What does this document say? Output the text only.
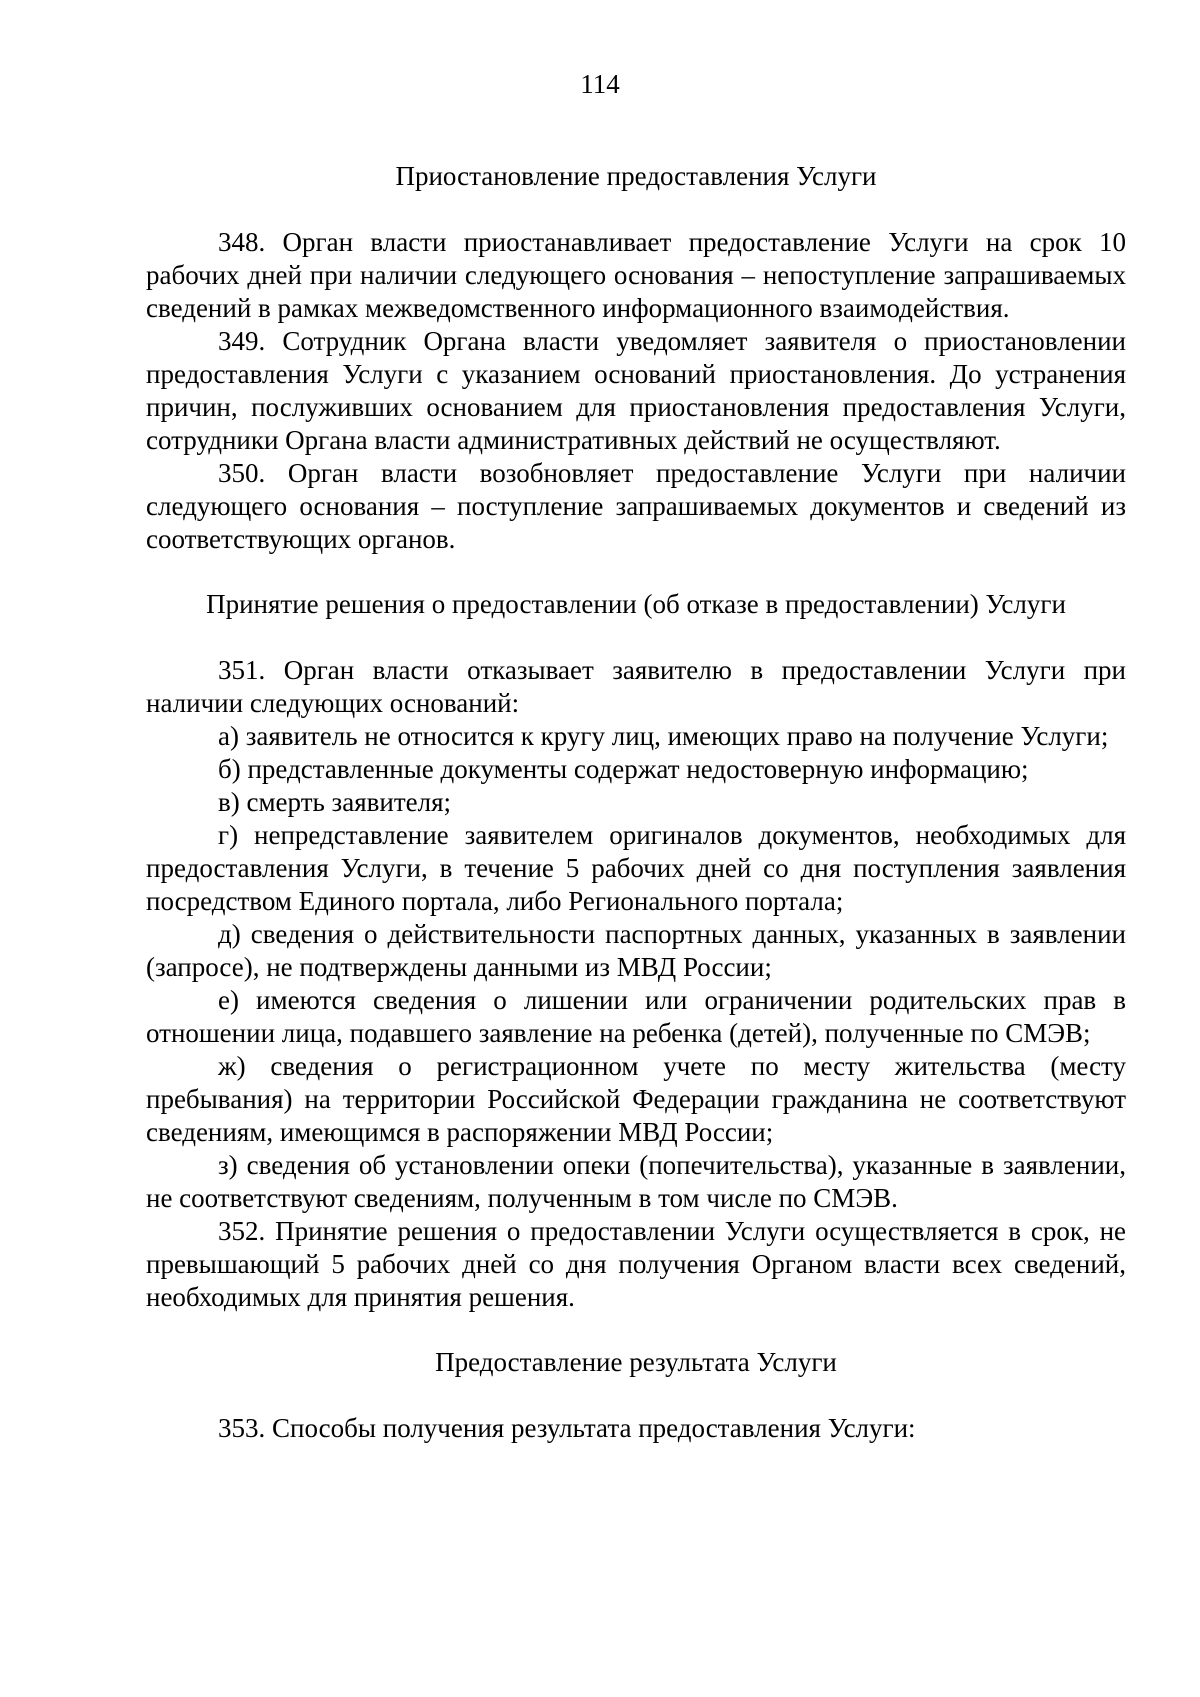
114
Приостановление предоставления Услуги

348. Орган власти приостанавливает предоставление Услуги на срок 10 рабочих дней при наличии следующего основания – непоступление запрашиваемых сведений в рамках межведомственного информационного взаимодействия.

349. Сотрудник Органа власти уведомляет заявителя о приостановлении предоставления Услуги с указанием оснований приостановления. До устранения причин, послуживших основанием для приостановления предоставления Услуги, сотрудники Органа власти административных действий не осуществляют.

350. Орган власти возобновляет предоставление Услуги при наличии следующего основания – поступление запрашиваемых документов и сведений из соответствующих органов.

Принятие решения о предоставлении (об отказе в предоставлении) Услуги

351. Орган власти отказывает заявителю в предоставлении Услуги при наличии следующих оснований:

а) заявитель не относится к кругу лиц, имеющих право на получение Услуги;

б) представленные документы содержат недостоверную информацию;

в) смерть заявителя;

г) непредставление заявителем оригиналов документов, необходимых для предоставления Услуги, в течение 5 рабочих дней со дня поступления заявления посредством Единого портала, либо Регионального портала;

д) сведения о действительности паспортных данных, указанных в заявлении (запросе), не подтверждены данными из МВД России;

е) имеются сведения о лишении или ограничении родительских прав в отношении лица, подавшего заявление на ребенка (детей), полученные по СМЭВ;

ж) сведения о регистрационном учете по месту жительства (месту пребывания) на территории Российской Федерации гражданина не соответствуют сведениям, имеющимся в распоряжении МВД России;

з) сведения об установлении опеки (попечительства), указанные в заявлении, не соответствуют сведениям, полученным в том числе по СМЭВ.

352. Принятие решения о предоставлении Услуги осуществляется в срок, не превышающий 5 рабочих дней со дня получения Органом власти всех сведений, необходимых для принятия решения.

Предоставление результата Услуги

353. Способы получения результата предоставления Услуги:
